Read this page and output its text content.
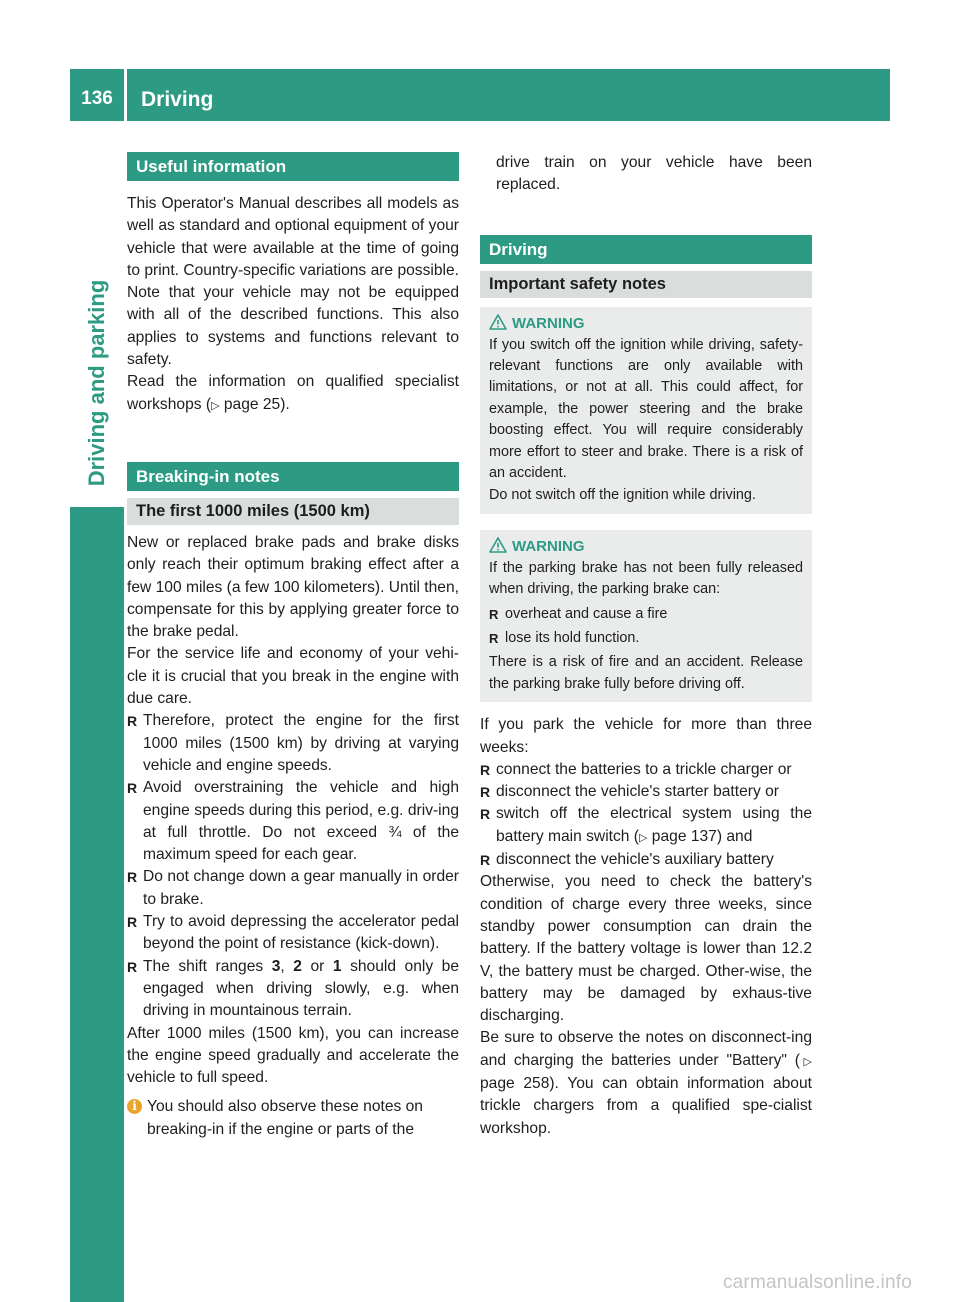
136	Driving
Driving and parking
Useful information
This Operator's Manual describes all models as well as standard and optional equipment of your vehicle that were available at the time of going to print. Country-specific variations are possible. Note that your vehicle may not be equipped with all of the described functions. This also applies to systems and functions relevant to safety.
Read the information on qualified specialist workshops (▷ page 25).
Breaking-in notes
The first 1000 miles (1500 km)
New or replaced brake pads and brake disks only reach their optimum braking effect after a few 100 miles (a few 100 kilometers). Until then, compensate for this by applying greater force to the brake pedal.
For the service life and economy of your vehi-cle it is crucial that you break in the engine with due care.
R Therefore, protect the engine for the first 1000 miles (1500 km) by driving at varying vehicle and engine speeds.
R Avoid overstraining the vehicle and high engine speeds during this period, e.g. driv-ing at full throttle. Do not exceed ¾ of the maximum speed for each gear.
R Do not change down a gear manually in order to brake.
R Try to avoid depressing the accelerator pedal beyond the point of resistance (kick-down).
R The shift ranges 3, 2 or 1 should only be engaged when driving slowly, e.g. when driving in mountainous terrain.
After 1000 miles (1500 km), you can increase the engine speed gradually and accelerate the vehicle to full speed.
i You should also observe these notes on breaking-in if the engine or parts of the
drive train on your vehicle have been replaced.
Driving
Important safety notes
WARNING
If you switch off the ignition while driving, safety-relevant functions are only available with limitations, or not at all. This could affect, for example, the power steering and the brake boosting effect. You will require considerably more effort to steer and brake. There is a risk of an accident.
Do not switch off the ignition while driving.
WARNING
If the parking brake has not been fully released when driving, the parking brake can:
R overheat and cause a fire
R lose its hold function.
There is a risk of fire and an accident. Release the parking brake fully before driving off.
If you park the vehicle for more than three weeks:
R connect the batteries to a trickle charger or
R disconnect the vehicle's starter battery or
R switch off the electrical system using the battery main switch (▷ page 137) and
R disconnect the vehicle's auxiliary battery
Otherwise, you need to check the battery's condition of charge every three weeks, since standby power consumption can drain the battery. If the battery voltage is lower than 12.2 V, the battery must be charged. Other-wise, the battery may be damaged by exhaus-tive discharging.
Be sure to observe the notes on disconnect-ing and charging the batteries under "Battery" (▷ page 258). You can obtain information about trickle chargers from a qualified spe-cialist workshop.
carmanualsonline.info
